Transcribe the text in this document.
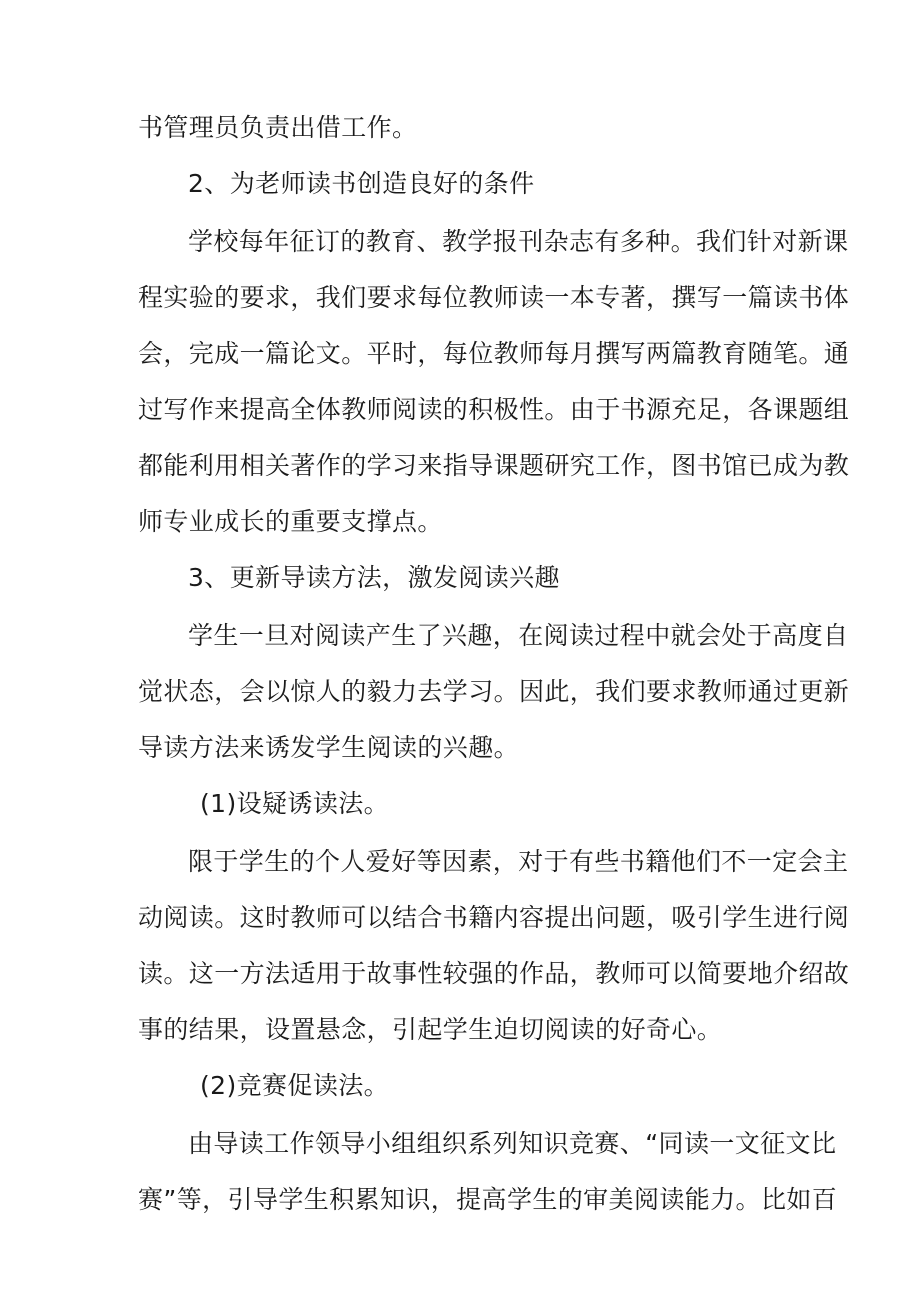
书管理员负责出借工作。
2、为老师读书创造良好的条件
学校每年征订的教育、教学报刊杂志有多种。我们针对新课
程实验的要求，我们要求每位教师读一本专著，撰写一篇读书体
会，完成一篇论文。平时，每位教师每月撰写两篇教育随笔。通
过写作来提高全体教师阅读的积极性。由于书源充足，各课题组
都能利用相关著作的学习来指导课题研究工作，图书馆已成为教
师专业成长的重要支撑点。
3、更新导读方法，激发阅读兴趣
学生一旦对阅读产生了兴趣，在阅读过程中就会处于高度自
觉状态，会以惊人的毅力去学习。因此，我们要求教师通过更新
导读方法来诱发学生阅读的兴趣。
(1)设疑诱读法。
限于学生的个人爱好等因素，对于有些书籍他们不一定会主
动阅读。这时教师可以结合书籍内容提出问题，吸引学生进行阅
读。这一方法适用于故事性较强的作品，教师可以简要地介绍故
事的结果，设置悬念，引起学生迫切阅读的好奇心。
(2)竞赛促读法。
由导读工作领导小组组织系列知识竞赛、“同读一文征文比
赛”等，引导学生积累知识，提高学生的审美阅读能力。比如百
